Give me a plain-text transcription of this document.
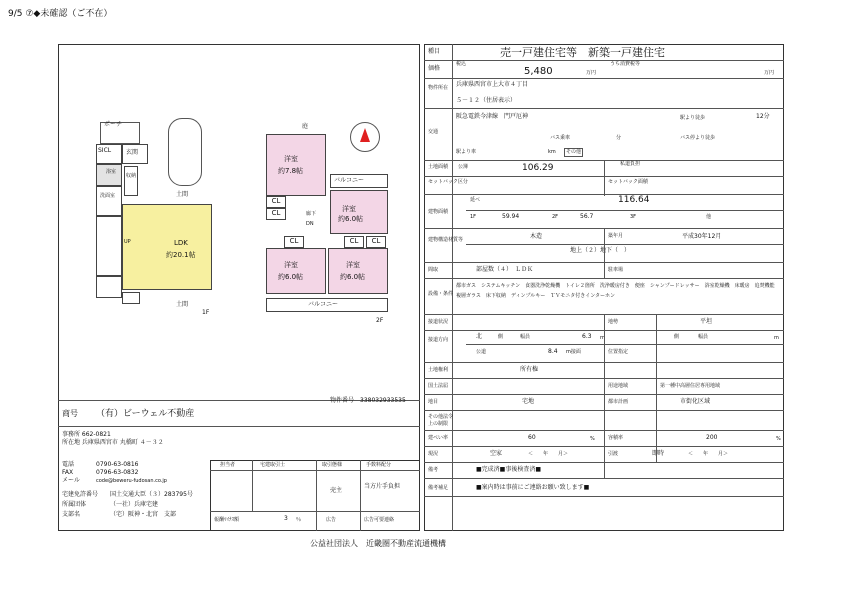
9/5 ⑦◆未確認（ご不在）
ポーチ
SICL 玄関
浴室
洗面室
収納
LDK
約20.1帖
土間
土間
UP
1F
庭
洋室
約7.8帖
バルコニー
洋室
約6.0帖
CL
CL	廊下
DN
CL	CL	CL
洋室
約6.0帖
洋室
約6.0帖
バルコニー
2F
物件番号 338032933535
商号 （有）ビーウェル不動産
事務所 662-0821
所在地 兵庫県西宮市 丸橋町 ４－３２
電話	0790-63-0816
FAX	0796-63-0832
メール	code@beweru-fudosan.co.jp
宅建免許番号 国土交通大臣（３）283795号
所属団体	（一社）兵庫宅建
支部名	（宅）阪神・北宮　支部
担当者	宅建取引士	取引態様	手数料配分
売主
当方片手負担
報酬ﾏｲﾅｽ額	3 ％	広告	広告可要連絡
種目	売一戸建住宅等　新築一戸建住宅
価格
税込
5,480	万円
うち消費税等
万円
物件所在 兵庫県西宮市上大市４丁目
５－１２（住居表示）
交通
阪急電鉄今津線　門戸厄神	駅より徒歩	12分
バス乗車	分	バス停より徒歩
駅より車	km	その他
土地面積 公簿	106.29	私道負担
セットバック区分	セットバック面積
建物面積
延べ	116.64
1F	59.94	2F	56.7	3F	他
建物構造材質等	木造	築年月	平成30年12月
地上（２）地下（　）
間取	部屋数（４）　ＬＤＫ	駐車場
設備・条件
都市ガス　システムキッチン　食器洗浄乾燥機　トイレ２箇所　洗浄暖房付き　便座　シャンプードレッサー　浴室乾燥機　床暖房　追焚機能　複層ガラス　床下収納　ディンプルキー　ＴＶモニタ付きインターホン
接道状況	地勢	平坦
接道方向	北	側	幅員	6.3 m	側	幅員	m
公道	8.4 m接面	位置指定
土地権利	所有権
国土法届	用途地域	第一種中高層住居専用地域
地目	宅地	都市計画	市街化区域
その他法令上の制限
建ぺい率	60	%	容積率	200	%
現況	空家	＜　　年　　月＞	引渡	即時	＜　　年　　月＞
備考	■完成済■事後検査済■
備考補足	■案内時は事前にご連絡お願い致します■
公益社団法人　近畿圏不動産流通機構
